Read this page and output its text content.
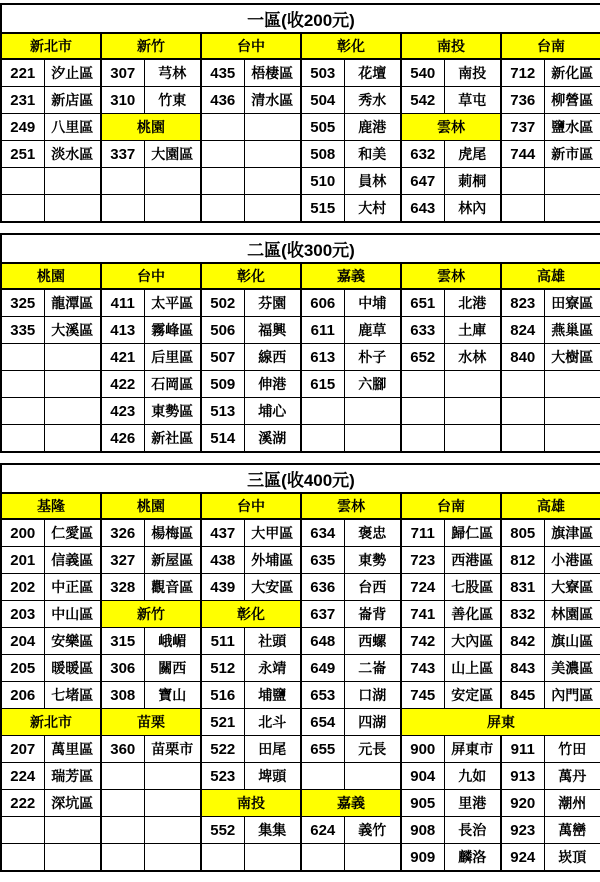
一區(收200元)											
新北市		新竹		台中		彰化		南投		台南	
221	汐止區	307	芎林	435	梧棲區	503	花壇	540	南投	712	新化區
231	新店區	310	竹東	436	清水區	504	秀水	542	草屯	736	柳營區
249	八里區	桃園				505	鹿港	雲林		737	鹽水區
251	淡水區	337	大園區			508	和美	632	虎尾	744	新市區
						510	員林	647	莿桐		
						515	大村	643	林內		
二區(收300元)											
桃園		台中		彰化		嘉義		雲林		高雄	
325	龍潭區	411	太平區	502	芬園	606	中埔	651	北港	823	田寮區
335	大溪區	413	霧峰區	506	福興	611	鹿草	633	土庫	824	燕巢區
		421	后里區	507	線西	613	朴子	652	水林	840	大樹區
		422	石岡區	509	伸港	615	六腳				
		423	東勢區	513	埔心						
		426	新社區	514	溪湖						
三區(收400元)											
基隆		桃園		台中		雲林		台南		高雄	
200	仁愛區	326	楊梅區	437	大甲區	634	褒忠	711	歸仁區	805	旗津區
201	信義區	327	新屋區	438	外埔區	635	東勢	723	西港區	812	小港區
202	中正區	328	觀音區	439	大安區	636	台西	724	七股區	831	大寮區
203	中山區	新竹		彰化		637	崙背	741	善化區	832	林園區
204	安樂區	315	峨嵋	511	社頭	648	西螺	742	大內區	842	旗山區
205	暖暖區	306	關西	512	永靖	649	二崙	743	山上區	843	美濃區
206	七堵區	308	寶山	516	埔鹽	653	口湖	745	安定區	845	內門區
新北市		苗栗		521	北斗	654	四湖	屏東			
207	萬里區	360	苗栗市	522	田尾	655	元長	900	屏東市	911	竹田
224	瑞芳區			523	埤頭			904	九如	913	萬丹
222	深坑區			南投		嘉義		905	里港	920	潮州
				552	集集	624	義竹	908	長治	923	萬巒
								909	麟洛	924	崁頂
